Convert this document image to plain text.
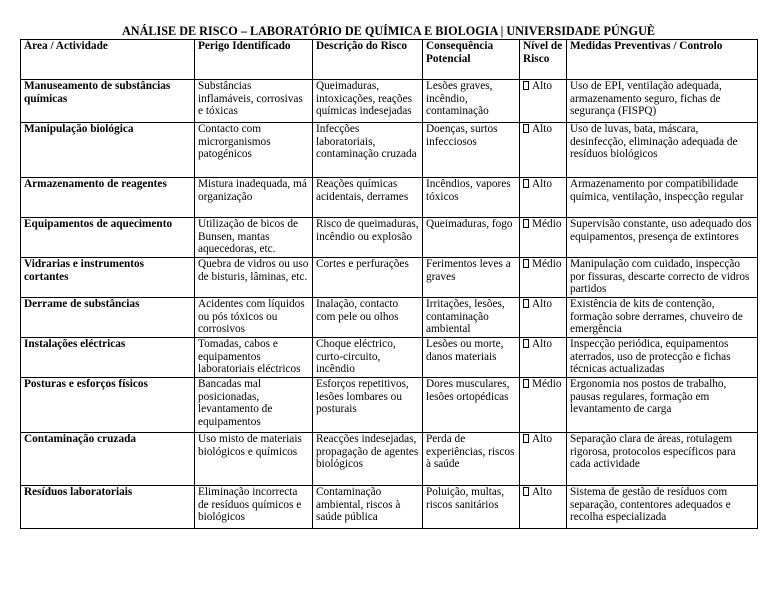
ANÁLISE DE RISCO – LABORATÓRIO DE QUÍMICA E BIOLOGIA | UNIVERSIDADE PÚNGUÈ
Área / Actividade	Perigo Identificado	Descrição do Risco	Consequência Potencial	Nível de Risco	Medidas Preventivas / Controlo
Manuseamento de substâncias químicas	Substâncias inflamáveis, corrosivas e tóxicas	Queimaduras, intoxicações, reações químicas indesejadas	Lesões graves, incêndio, contaminação	Alto	Uso de EPI, ventilação adequada, armazenamento seguro, fichas de segurança (FISPQ)
Manipulação biológica	Contacto com microrganismos patogénicos	Infecções laboratoriais, contaminação cruzada	Doenças, surtos infecciosos	Alto	Uso de luvas, bata, máscara, desinfecção, eliminação adequada de resíduos biológicos
Armazenamento de reagentes	Mistura inadequada, má organização	Reações químicas acidentais, derrames	Incêndios, vapores tóxicos	Alto	Armazenamento por compatibilidade química, ventilação, inspecção regular
Equipamentos de aquecimento	Utilização de bicos de Bunsen, mantas aquecedoras, etc.	Risco de queimaduras, incêndio ou explosão	Queimaduras, fogo	Médio	Supervisão constante, uso adequado dos equipamentos, presença de extintores
Vidrarias e instrumentos cortantes	Quebra de vidros ou uso de bisturis, lâminas, etc.	Cortes e perfurações	Ferimentos leves a graves	Médio	Manipulação com cuidado, inspecção por fissuras, descarte correcto de vidros partidos
Derrame de substâncias	Acidentes com líquidos ou pós tóxicos ou corrosivos	Inalação, contacto com pele ou olhos	Irritações, lesões, contaminação ambiental	Alto	Existência de kits de contenção, formação sobre derrames, chuveiro de emergência
Instalações eléctricas	Tomadas, cabos e equipamentos laboratoriais eléctricos	Choque eléctrico, curto-circuito, incêndio	Lesões ou morte, danos materiais	Alto	Inspecção periódica, equipamentos aterrados, uso de protecção e fichas técnicas actualizadas
Posturas e esforços físicos	Bancadas mal posicionadas, levantamento de equipamentos	Esforços repetitivos, lesões lombares ou posturais	Dores musculares, lesões ortopédicas	Médio	Ergonomia nos postos de trabalho, pausas regulares, formação em levantamento de carga
Contaminação cruzada	Uso misto de materiais biológicos e químicos	Reacções indesejadas, propagação de agentes biológicos	Perda de experiências, riscos à saúde	Alto	Separação clara de áreas, rotulagem rigorosa, protocolos específicos para cada actividade
Resíduos laboratoriais	Eliminação incorrecta de resíduos químicos e biológicos	Contaminação ambiental, riscos à saúde pública	Poluição, multas, riscos sanitários	Alto	Sistema de gestão de resíduos com separação, contentores adequados e recolha especializada
